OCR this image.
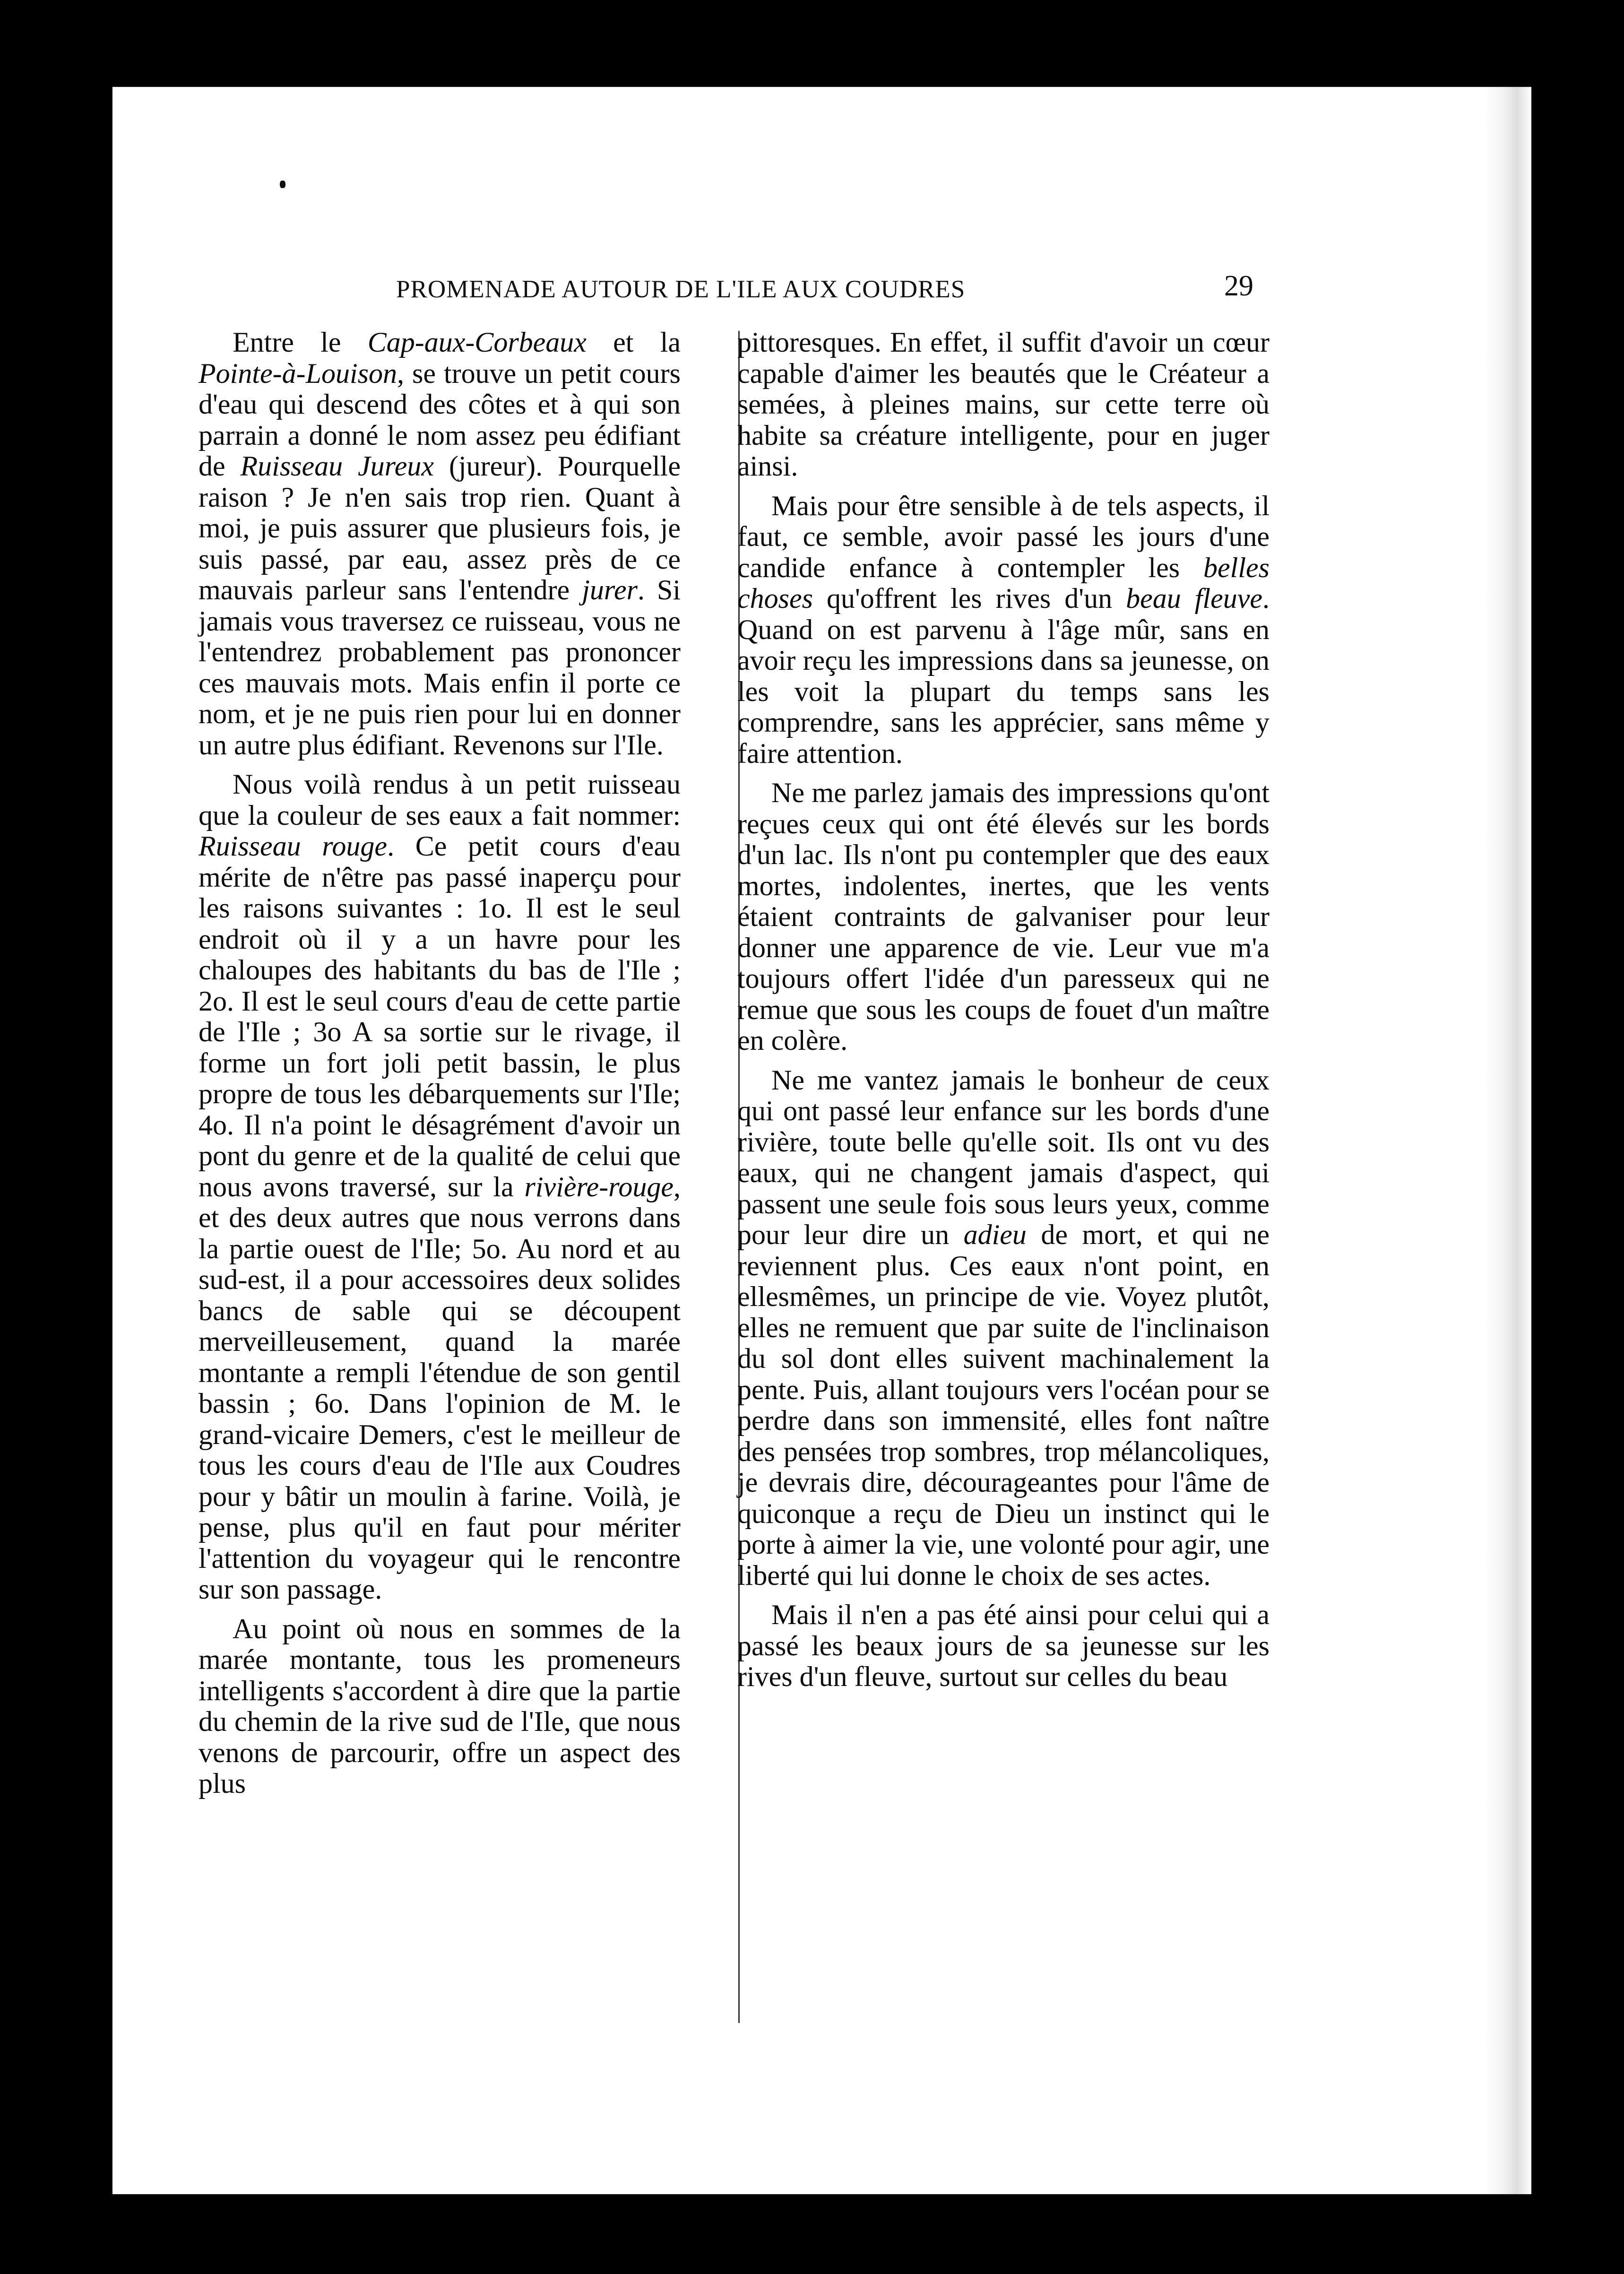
PROMENADE AUTOUR DE L'ILE AUX COUDRES	29

Entre le Cap-aux-Corbeaux et la Pointe-à-Louison, se trouve un petit cours d'eau qui descend des côtes et à qui son parrain a donné le nom assez peu édifiant de Ruisseau Jureux (jureur). Pourquelle raison ? Je n'en sais trop rien. Quant à moi, je puis assurer que plusieurs fois, je suis passé, par eau, assez près de ce mauvais parleur sans l'entendre jurer. Si jamais vous traversez ce ruisseau, vous ne l'entendrez probablement pas prononcer ces mauvais mots. Mais enfin il porte ce nom, et je ne puis rien pour lui en donner un autre plus édifiant. Revenons sur l'Ile.

Nous voilà rendus à un petit ruisseau que la couleur de ses eaux a fait nommer: Ruisseau rouge. Ce petit cours d'eau mérite de n'être pas passé inaperçu pour les raisons suivantes : 1o. Il est le seul endroit où il y a un havre pour les chaloupes des habitants du bas de l'Ile ; 2o. Il est le seul cours d'eau de cette partie de l'Ile ; 3o A sa sortie sur le rivage, il forme un fort joli petit bassin, le plus propre de tous les débarquements sur l'Ile; 4o. Il n'a point le désagrément d'avoir un pont du genre et de la qualité de celui que nous avons traversé, sur la rivière-rouge, et des deux autres que nous verrons dans la partie ouest de l'Ile; 5o. Au nord et au sud-est, il a pour accessoires deux solides bancs de sable qui se découpent merveilleusement, quand la marée montante a rempli l'étendue de son gentil bassin ; 6o. Dans l'opinion de M. le grand-vicaire Demers, c'est le meilleur de tous les cours d'eau de l'Ile aux Coudres pour y bâtir un moulin à farine. Voilà, je pense, plus qu'il en faut pour mériter l'attention du voyageur qui le rencontre sur son passage.

Au point où nous en sommes de la marée montante, tous les promeneurs intelligents s'accordent à dire que la partie du chemin de la rive sud de l'Ile, que nous venons de parcourir, offre un aspect des plus

pittoresques. En effet, il suffit d'avoir un cœur capable d'aimer les beautés que le Créateur a semées, à pleines mains, sur cette terre où habite sa créature intelligente, pour en juger ainsi.

Mais pour être sensible à de tels aspects, il faut, ce semble, avoir passé les jours d'une candide enfance à contempler les belles choses qu'offrent les rives d'un beau fleuve. Quand on est parvenu à l'âge mûr, sans en avoir reçu les impressions dans sa jeunesse, on les voit la plupart du temps sans les comprendre, sans les apprécier, sans même y faire attention.

Ne me parlez jamais des impressions qu'ont reçues ceux qui ont été élevés sur les bords d'un lac. Ils n'ont pu contempler que des eaux mortes, indolentes, inertes, que les vents étaient contraints de galvaniser pour leur donner une apparence de vie. Leur vue m'a toujours offert l'idée d'un paresseux qui ne remue que sous les coups de fouet d'un maître en colère.

Ne me vantez jamais le bonheur de ceux qui ont passé leur enfance sur les bords d'une rivière, toute belle qu'elle soit. Ils ont vu des eaux, qui ne changent jamais d'aspect, qui passent une seule fois sous leurs yeux, comme pour leur dire un adieu de mort, et qui ne reviennent plus. Ces eaux n'ont point, en ellesmêmes, un principe de vie. Voyez plutôt, elles ne remuent que par suite de l'inclinaison du sol dont elles suivent machinalement la pente. Puis, allant toujours vers l'océan pour se perdre dans son immensité, elles font naître des pensées trop sombres, trop mélancoliques, je devrais dire, décourageantes pour l'âme de quiconque a reçu de Dieu un instinct qui le porte à aimer la vie, une volonté pour agir, une liberté qui lui donne le choix de ses actes.

Mais il n'en a pas été ainsi pour celui qui a passé les beaux jours de sa jeunesse sur les rives d'un fleuve, surtout sur celles du beau
